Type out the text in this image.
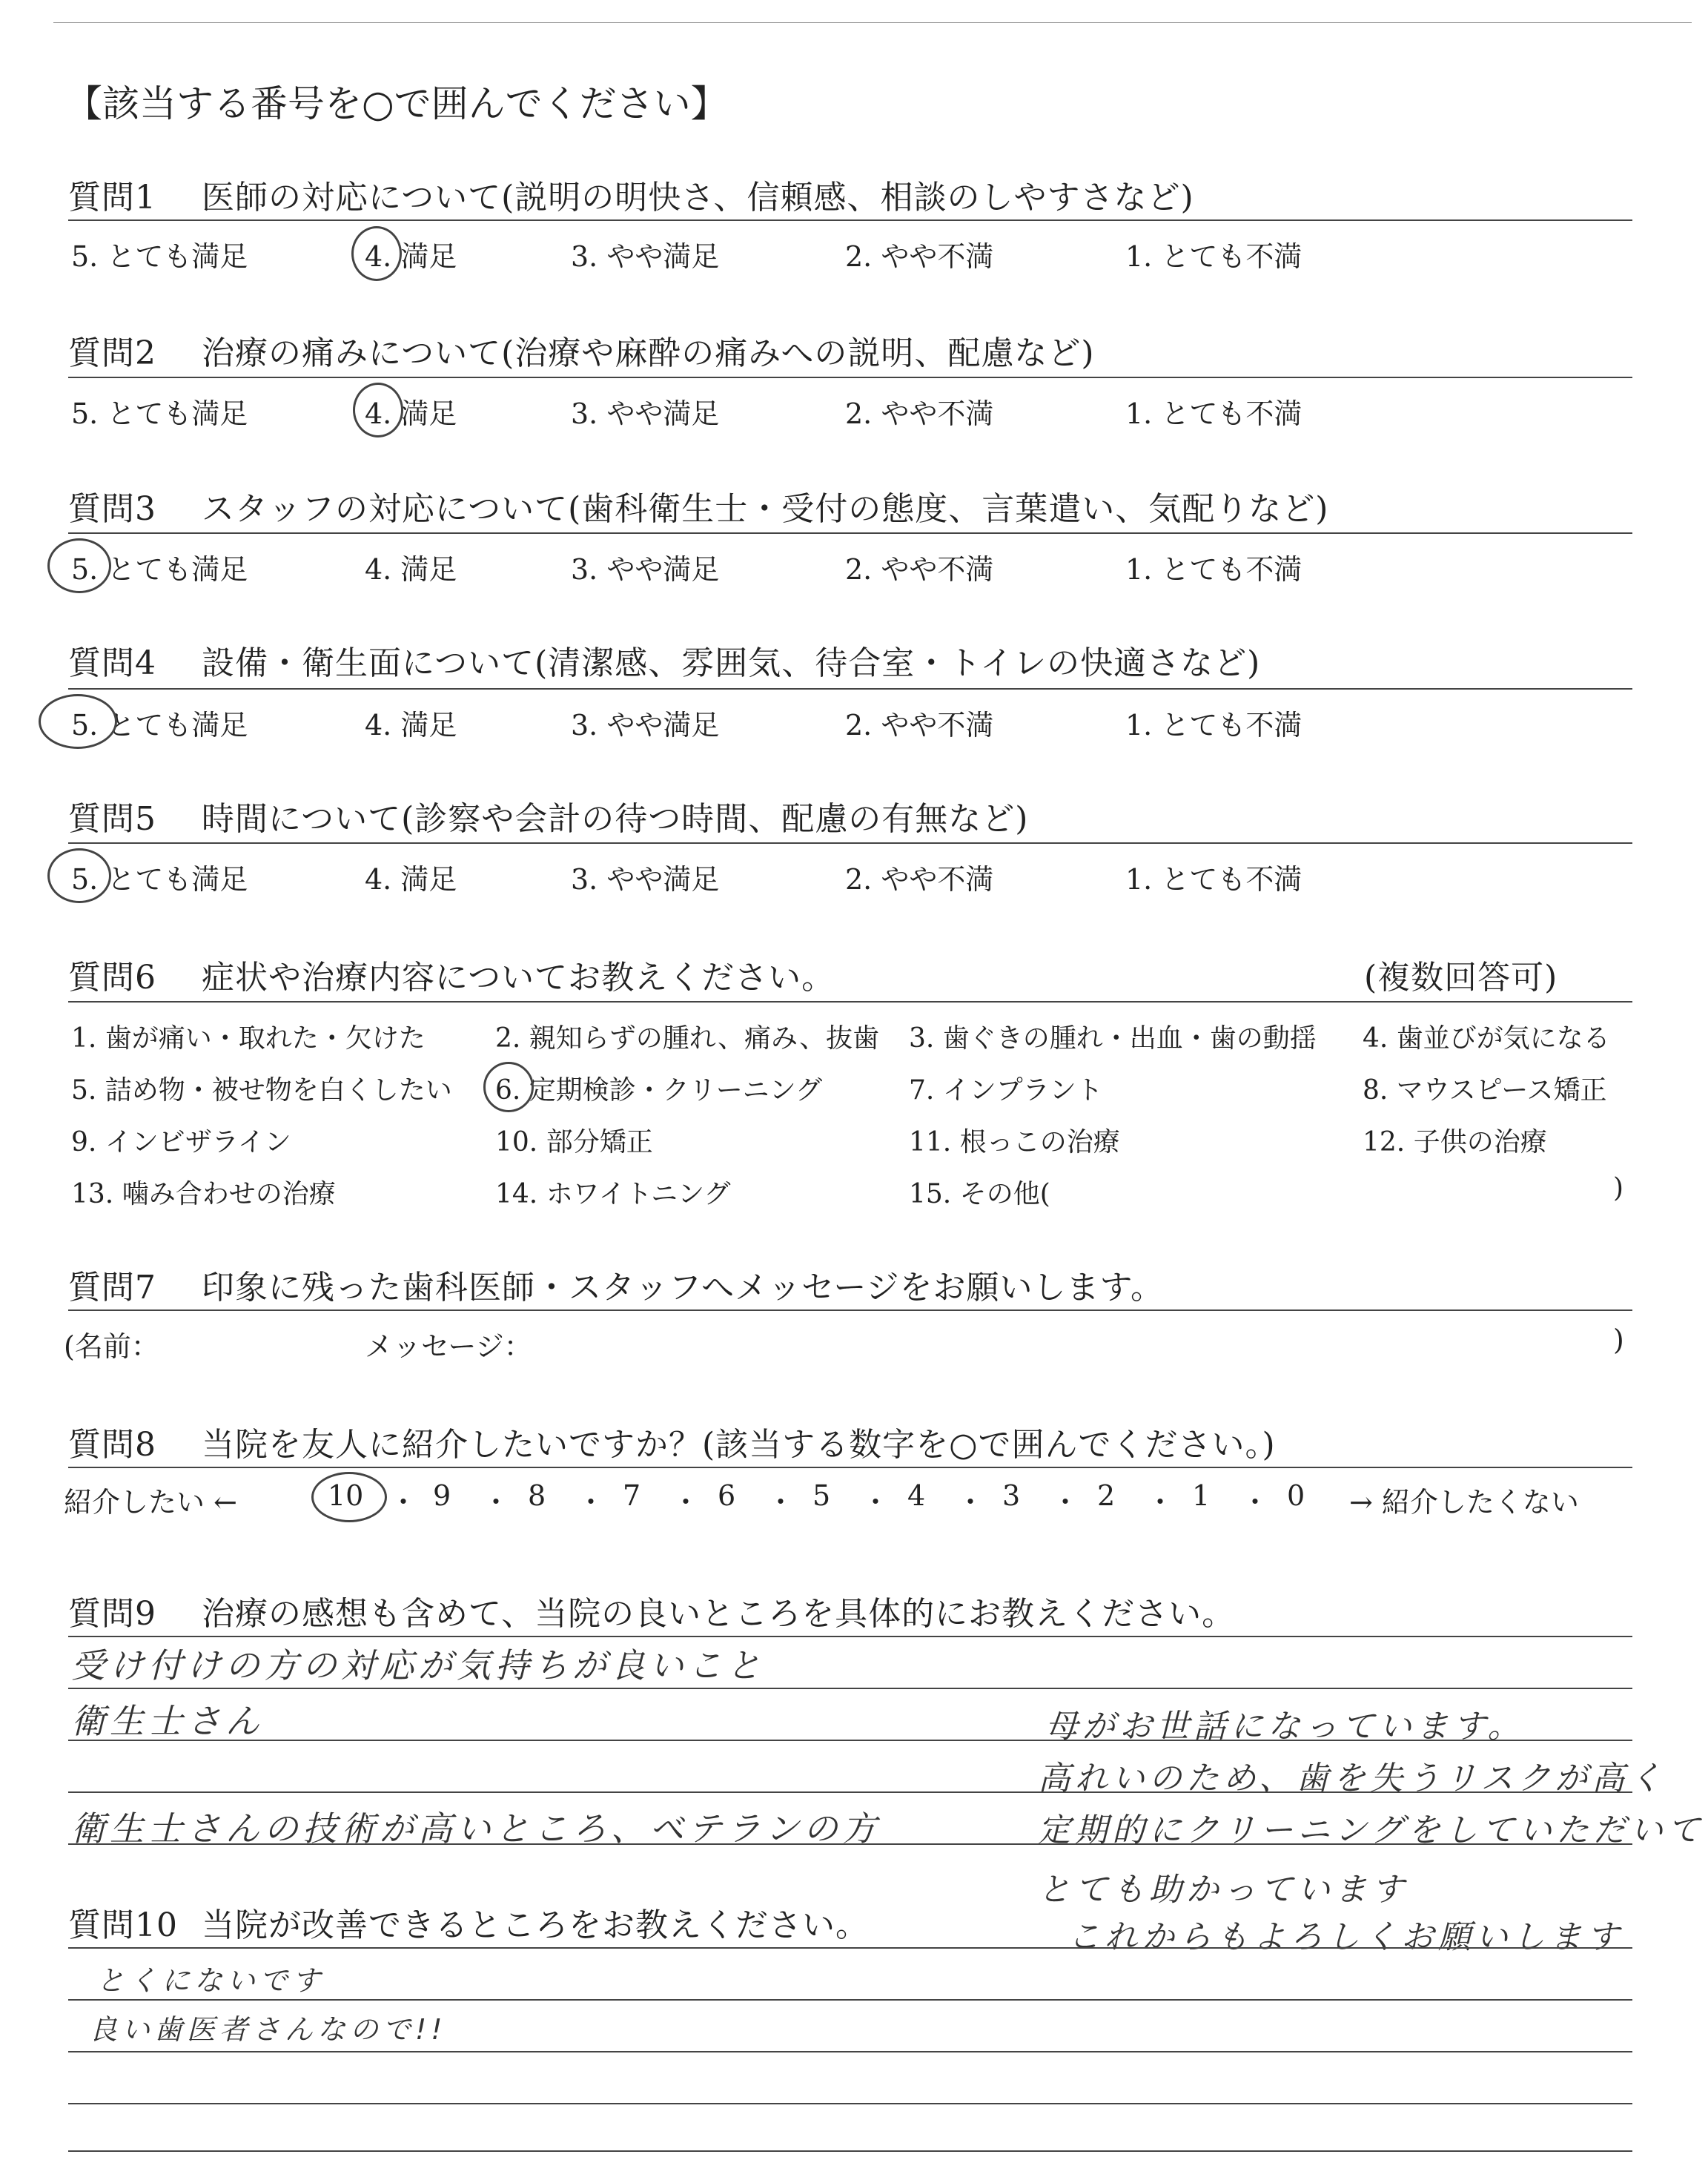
【該当する番号を○で囲んでください】
質問1 医師の対応について(説明の明快さ、信頼感、相談のしやすさなど)
5. とても満足	4. 満足	3. やや満足	2. やや不満	1. とても不満
質問2 治療の痛みについて(治療や麻酔の痛みへの説明、配慮など)
5. とても満足	4. 満足	3. やや満足	2. やや不満	1. とても不満
質問3 スタッフの対応について(歯科衛生士・受付の態度、言葉遣い、気配りなど)
5. とても満足	4. 満足	3. やや満足	2. やや不満	1. とても不満
質問4 設備・衛生面について(清潔感、雰囲気、待合室・トイレの快適さなど)
5. とても満足	4. 満足	3. やや満足	2. やや不満	1. とても不満
質問5 時間について(診察や会計の待つ時間、配慮の有無など)
5. とても満足	4. 満足	3. やや満足	2. やや不満	1. とても不満
質問6 症状や治療内容についてお教えください。	(複数回答可)
1. 歯が痛い・取れた・欠けた	2. 親知らずの腫れ、痛み、抜歯 3. 歯ぐきの腫れ・出血・歯の動揺 4. 歯並びが気になる
5. 詰め物・被せ物を白くしたい 6. 定期検診・クリーニング	7. インプラント	8. マウスピース矯正
9. インビザライン	10. 部分矯正	11. 根っこの治療	12. 子供の治療
13. 噛み合わせの治療	14. ホワイトニング	15. その他(	)
質問7 印象に残った歯科医師・スタッフへメッセージをお願いします。
(名前：	メッセージ：	)
質問8 当院を友人に紹介したいですか？(該当する数字を○で囲んでください。)
紹介したい ←	→ 紹介したくない
10 ・ 9 ・ 8 ・ 7 ・ 6 ・ 5 ・ 4 ・ 3 ・ 2 ・ 1 ・ 0
質問9 治療の感想も含めて、当院の良いところを具体的にお教えください。
受け付けの方の対応が気持ちが良いこと
衛生士さん
衛生士さんの技術が高いところ、ベテランの方
母がお世話になっています。
高れいのため、歯を失うリスクが高く
定期的にクリーニングをしていただいて
とても助かっています
これからもよろしくお願いします
質問10 当院が改善できるところをお教えください。
とくにないです
良い歯医者さんなので!!
